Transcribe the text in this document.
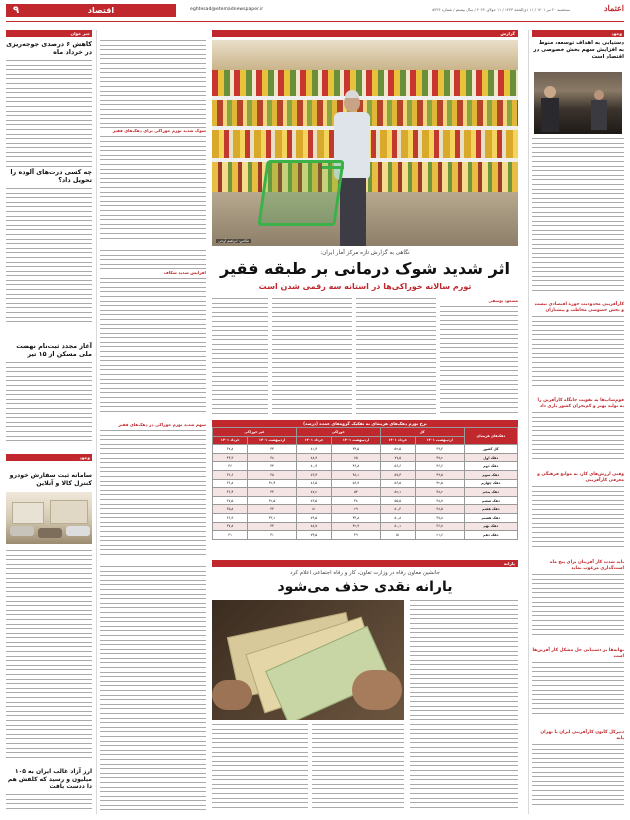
۹	اقتصاد	eghtesad@etemadnewspaper.ir	سه‌شنبه ۲۰ تیر ۱۴۰۱ / ۱۱ ذی‌الحجه ۱۴۴۳ / ۱۱ جولای ۲۰۲۲ / سال بیستم / شماره ۵۲۳۶	اعتماد
وجود
دستیابی به اهداف توسعه، منوط به افزایش سهم بخش خصوصی در اقتصاد است
کارآفرینی محدودیت حوزه اقتصادی نیست و بخش خصوصی مخاطب و پیشتازان
فوم‌شاپ‌ها به تقویت جایگاه کارآفرین را به تولید بهتر و کم‌بحران کشور یاری داد
وقتی ارزش‌های کار، به موانع فرهنگی و معرفی کارآفرینی
باید شدت کار آفرینان برای پنج ماه است‌گذاری مرغوب نماید
بهانه‌ها بر دستیابی حل مشکل کار آفرین‌ها است
دبیرکل کانون کارآفرینی ایران با تهران پایه
گزارش
عکاس: ابراهیم آوجی
شوک شدید تورم خوراکی برای دهک‌های فقیر
نگاهی به گزارش تازه مرکز آمار ایران:
اثر شدید شوک درمانی بر طبقه فقیر
تورم سالانه خوراکی‌ها در استانه سه رقمی شدن است
مسعود یوسفی
افزایش شدید شکاف
سهم شدید تورم خوراکی در دهک‌های فقیر	نرخ تورم دهک‌های هزینه‌ای به تفکیک گروه‌های عمده (درصد)
دهک‌های هزینه‌ای	کل		خوراکی		غیر خوراکی	
	اردیبهشت ۱۴۰۱	خرداد ۱۴۰۱	اردیبهشت ۱۴۰۱	خرداد ۱۴۰۱	اردیبهشت ۱۴۰۱	خرداد ۱۴۰۱
کل کشور	۳۹٫۳	۵۲٫۵	۴۴٫۵	۸۱٫۴	۳۴	۳۷٫۸
دهک اول	۴۷٫۲	۷۷٫۵	۷۵	۸۸٫۹	۳۸	۴۴٫۳
دهک دوم	۴۶٫۶	۵۶٫۶	۴۶٫۸	۸۰٫۹	۳۴	۳۶
دهک سوم	۴۹٫۵	۵۷٫۴	۴۸٫۱	۸۳٫۴	۳۵	۳۶٫۶
دهک چهارم	۴۲٫۵	۵۶٫۵	۵۶٫۹	۸۶٫۵	۳۲٫۴	۳۶٫۸
دهک پنجم	۴۸٫۲	۵۲٫۱	۵۴	۸۷٫۲	۳۴	۳۶٫۴
دهک ششم	۳۸٫۷	۵۵٫۵	۴۸	۸۳٫۵	۳۲٫۵	۳۷٫۵
دهک هفتم	۳۸٫۵	۵۰٫۳	۲۹	۸۱	۳۴	۳۵٫۸
دهک هشتم	۳۷٫۸	۵۰٫۸	۴۳٫۸	۷۹٫۵	۳۳٫۱	۳۶٫۹
دهک نهم	۳۶٫۷	۵۰٫۱	۴۲٫۹	۸۸٫۷	۳۴	۳۷٫۸
دهک دهم	۲۱٫۶	۵۱	۴۹	۷۴٫۵	۳۱	۳۱
یارانه
جانشین معاون رفاه در وزارت تعاون، کار و رفاه اجتماعی اعلام کرد
یارانه نقدی حذف می‌شود
خبر خوان
کاهش ۶ درصدی جوجه‌ریزی در خرداد ماه
چه کسی درت‌های آلوده را تحویل داد؟
آغاز مجدد ثبت‌نام نهضت ملی مسکن از ۱۵ تیر
وجود
سامانه ثبت سفارش خودرو کنترل کالا و آنلاین
ارز آزاد غالب ایران به ۱۰۵ میلیون و رسید که کلفش هم دا ددست بافت
